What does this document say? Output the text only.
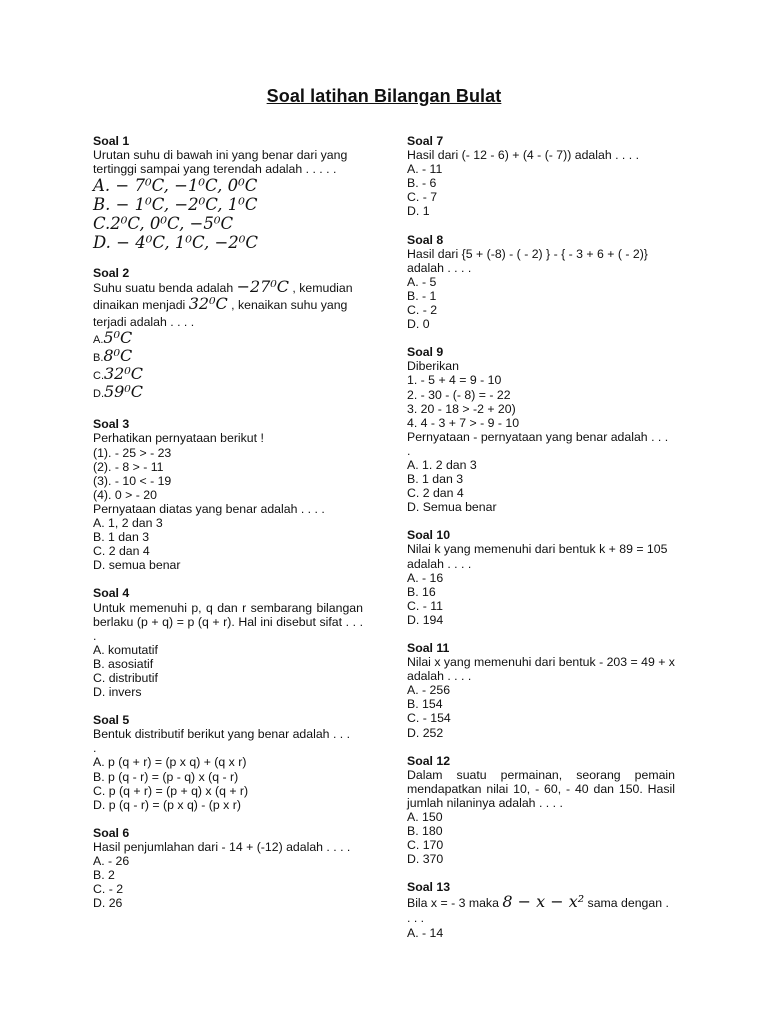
Soal latihan Bilangan Bulat
Soal 1
Urutan suhu di bawah ini yang benar dari yang tertinggi sampai yang terendah adalah . . . . .
A. − 7⁰C, −1⁰C, 0⁰C
B. − 1⁰C, −2⁰C, 1⁰C
C.2⁰C, 0⁰C, −5⁰C
D. − 4⁰C, 1⁰C, −2⁰C
Soal 2
Suhu suatu benda adalah −27⁰C , kemudian dinaikan menjadi 32⁰C , kenaikan suhu yang terjadi adalah . . . .
A.5⁰C
B.8⁰C
C.32⁰C
D.59⁰C
Soal 3
Perhatikan pernyataan berikut !
(1). - 25 > - 23
(2). - 8 > - 11
(3). - 10 < - 19
(4). 0 > - 20
Pernyataan diatas yang benar adalah . . . .
A. 1, 2 dan 3
B. 1 dan 3
C. 2 dan 4
D. semua benar
Soal 4
Untuk memenuhi p, q dan r sembarang bilangan berlaku (p + q) = p (q + r). Hal ini disebut sifat . . . .
A. komutatif
B. asosiatif
C. distributif
D. invers
Soal 5
Bentuk distributif berikut yang benar adalah . . . .
A. p (q + r) = (p x q) + (q x r)
B. p (q - r) = (p - q) x (q - r)
C. p (q + r) = (p + q) x (q + r)
D. p (q - r) = (p x q) - (p x r)
Soal 6
Hasil penjumlahan dari - 14 + (-12) adalah . . . .
A. - 26
B. 2
C. - 2
D. 26
Soal 7
Hasil dari (- 12 - 6) + (4 - (- 7)) adalah . . . .
A. - 11
B. - 6
C. - 7
D. 1
Soal 8
Hasil dari {5 + (-8) - ( - 2) } - { - 3 + 6 + ( - 2)} adalah . . . .
A. - 5
B. - 1
C. - 2
D. 0
Soal 9
Diberikan
1. - 5 + 4 = 9 - 10
2. - 30 - (- 8) = - 22
3. 20 - 18 > -2 + 20)
4. 4 - 3 + 7 > - 9 - 10
Pernyataan - pernyataan yang benar adalah . . . .
A. 1. 2 dan 3
B. 1 dan 3
C. 2 dan 4
D. Semua benar
Soal 10
Nilai k yang memenuhi dari bentuk k + 89 = 105 adalah . . . .
A. - 16
B. 16
C. - 11
D. 194
Soal 11
Nilai x yang memenuhi dari bentuk - 203 = 49 + x adalah . . . .
A. - 256
B. 154
C. - 154
D. 252
Soal 12
Dalam suatu permainan, seorang pemain mendapatkan nilai 10, - 60, - 40 dan 150. Hasil jumlah nilaninya adalah . . . .
A. 150
B. 180
C. 170
D. 370
Soal 13
Bila x = - 3 maka 8 − x − x² sama dengan . . . .
A. - 14
